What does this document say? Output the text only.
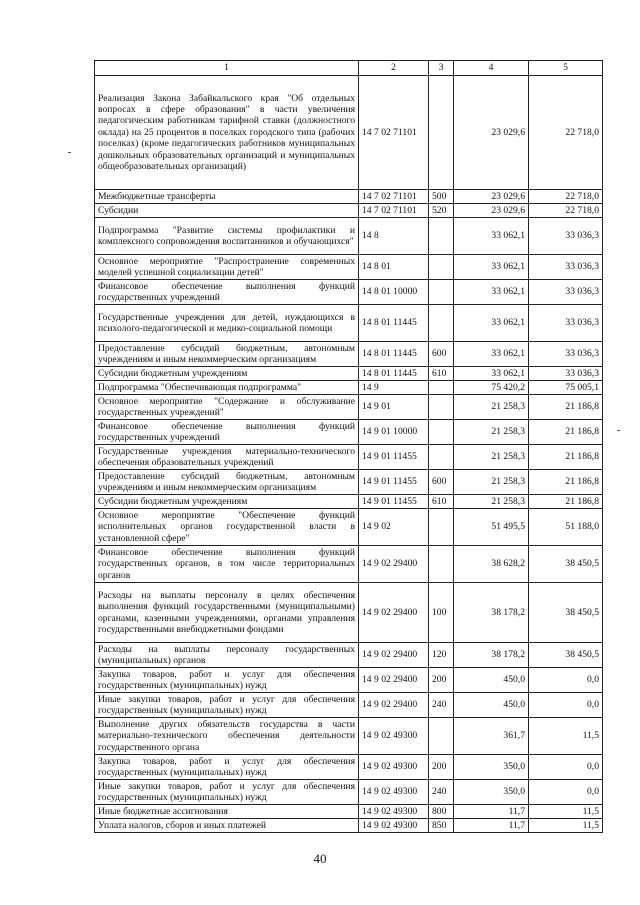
1	2	3	4	5
Реализация Закона Забайкальского края "Об отдельных вопросах в сфере образования" в части увеличения педагогическим работникам тарифной ставки (должностного оклада) на 25 процентов в поселках городского типа (рабочих поселках) (кроме педагогических работников муниципальных дошкольных образовательных организаций и муниципальных общеобразовательных организаций)	14 7 02 71101		23 029,6	22 718,0
Межбюджетные трансферты	14 7 02 71101	500	23 029,6	22 718,0
Субсидии	14 7 02 71101	520	23 029,6	22 718,0
Подпрограмма "Развитие системы профилактики и комплексного сопровождения воспитанников и обучающихся"	14 8		33 062,1	33 036,3
Основное мероприятие "Распространение современных моделей успешной социализации детей"	14 8 01		33 062,1	33 036,3
Финансовое обеспечение выполнения функций государственных учреждений	14 8 01 10000		33 062,1	33 036,3
Государственные учреждения для детей, нуждающихся в психолого-педагогической и медико-социальной помощи	14 8 01 11445		33 062,1	33 036,3
Предоставление субсидий бюджетным, автономным учреждениям и иным некоммерческим организациям	14 8 01 11445	600	33 062,1	33 036,3
Субсидии бюджетным учреждениям	14 8 01 11445	610	33 062,1	33 036,3
Подпрограмма "Обеспечивающая подпрограмма"	14 9		75 420,2	75 005,1
Основное мероприятие "Содержание и обслуживание государственных учреждений"	14 9 01		21 258,3	21 186,8
Финансовое обеспечение выполнения функций государственных учреждений	14 9 01 10000		21 258,3	21 186,8
Государственные учреждения материально-технического обеспечения образовательных учреждений	14 9 01 11455		21 258,3	21 186,8
Предоставление субсидий бюджетным, автономным учреждениям и иным некоммерческим организациям	14 9 01 11455	600	21 258,3	21 186,8
Субсидии бюджетным учреждениям	14 9 01 11455	610	21 258,3	21 186,8
Основное мероприятие "Обеспечение функций исполнительных органов государственной власти в установленной сфере"	14 9 02		51 495,5	51 188,0
Финансовое обеспечение выполнения функций государственных органов, в том числе территориальных органов	14 9 02 29400		38 628,2	38 450,5
Расходы на выплаты персоналу в целях обеспечения выполнения функций государственными (муниципальными) органами, казенными учреждениями, органами управления государственными внебюджетными фондами	14 9 02 29400	100	38 178,2	38 450,5
Расходы на выплаты персоналу государственных (муниципальных) органов	14 9 02 29400	120	38 178,2	38 450,5
Закупка товаров, работ и услуг для обеспечения государственных (муниципальных) нужд	14 9 02 29400	200	450,0	0,0
Иные закупки товаров, работ и услуг для обеспечения государственных (муниципальных) нужд	14 9 02 29400	240	450,0	0,0
Выполнение других обязательств государства в части материально-технического обеспечения деятельности государственного органа	14 9 02 49300		361,7	11,5
Закупка товаров, работ и услуг для обеспечения государственных (муниципальных) нужд	14 9 02 49300	200	350,0	0,0
Иные закупки товаров, работ и услуг для обеспечения государственных (муниципальных) нужд	14 9 02 49300	240	350,0	0,0
Иные бюджетные ассигнования	14 9 02 49300	800	11,7	11,5
Уплата налогов, сборов и иных платежей	14 9 02 49300	850	11,7	11,5
40
